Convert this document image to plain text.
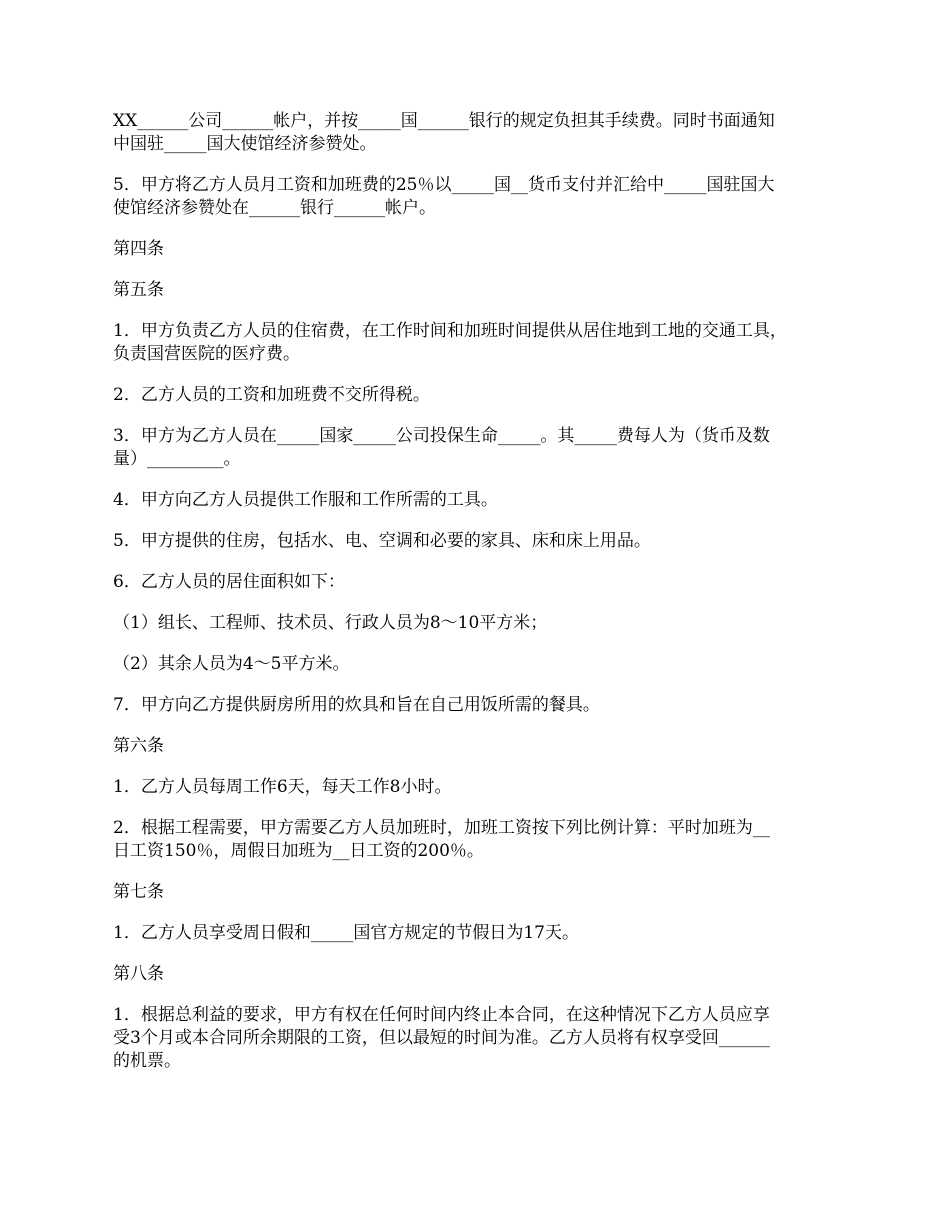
XX______公司______帐户，并按_____国______银行的规定负担其手续费。同时书面通知
中国驻_____国大使馆经济参赞处。

5．甲方将乙方人员月工资和加班费的25％以_____国__货币支付并汇给中_____国驻国大
使馆经济参赞处在______银行______帐户。

第四条

第五条

1．甲方负责乙方人员的住宿费，在工作时间和加班时间提供从居住地到工地的交通工具，
负责国营医院的医疗费。

2．乙方人员的工资和加班费不交所得税。

3．甲方为乙方人员在_____国家_____公司投保生命_____。其_____费每人为（货币及数
量）_________。

4．甲方向乙方人员提供工作服和工作所需的工具。

5．甲方提供的住房，包括水、电、空调和必要的家具、床和床上用品。

6．乙方人员的居住面积如下：

（1）组长、工程师、技术员、行政人员为8～10平方米；

（2）其余人员为4～5平方米。

7．甲方向乙方提供厨房所用的炊具和旨在自己用饭所需的餐具。

第六条

1．乙方人员每周工作6天，每天工作8小时。

2．根据工程需要，甲方需要乙方人员加班时，加班工资按下列比例计算：平时加班为__
日工资150％，周假日加班为__日工资的200％。

第七条

1．乙方人员享受周日假和_____国官方规定的节假日为17天。

第八条

1．根据总利益的要求，甲方有权在任何时间内终止本合同，在这种情况下乙方人员应享
受3个月或本合同所余期限的工资，但以最短的时间为准。乙方人员将有权享受回______
的机票。
